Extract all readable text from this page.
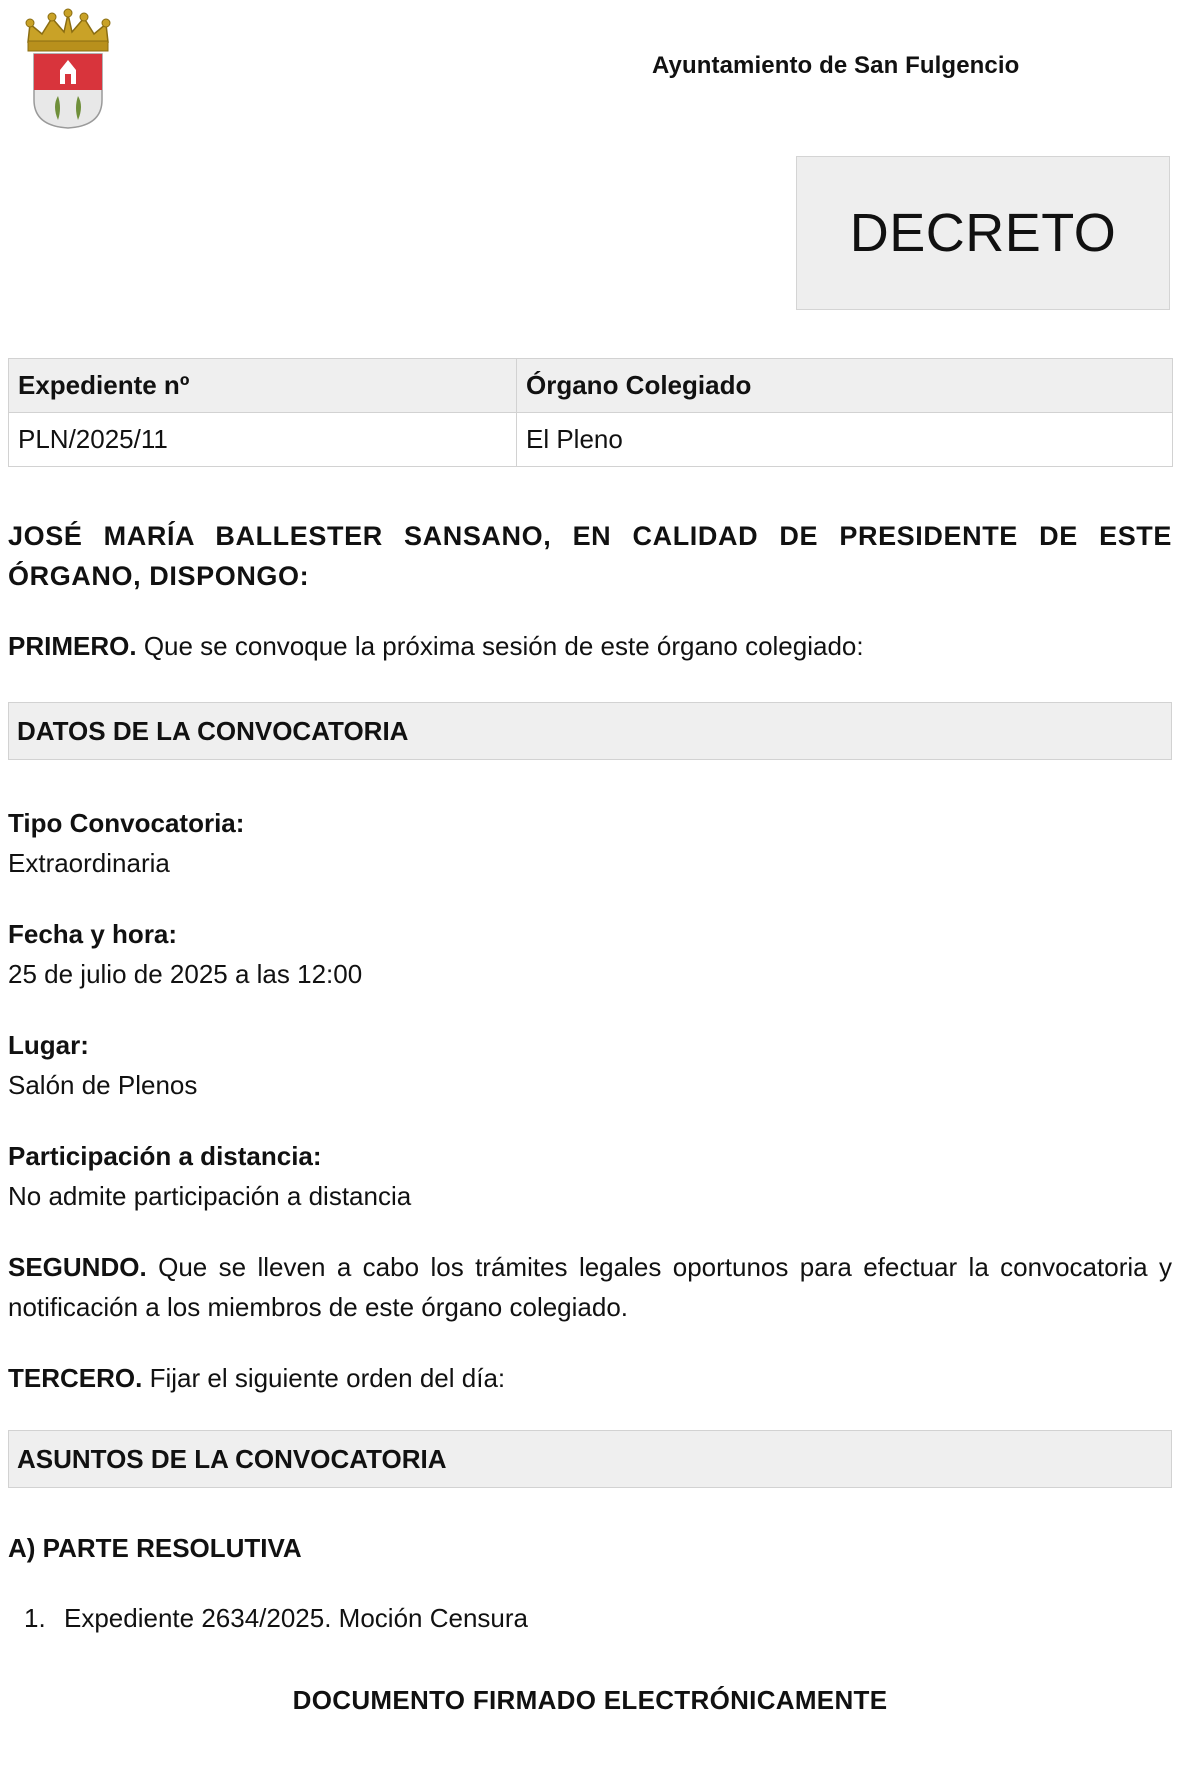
Ayuntamiento de San Fulgencio
DECRETO
Expediente nº	Órgano Colegiado
PLN/2025/11	El Pleno
JOSÉ MARÍA BALLESTER SANSANO, EN CALIDAD DE PRESIDENTE DE ESTE ÓRGANO, DISPONGO:
PRIMERO. Que se convoque la próxima sesión de este órgano colegiado:
DATOS DE LA CONVOCATORIA
Tipo Convocatoria:
Extraordinaria
Fecha y hora:
25 de julio de 2025 a las 12:00
Lugar:
Salón de Plenos
Participación a distancia:
No admite participación a distancia
SEGUNDO. Que se lleven a cabo los trámites legales oportunos para efectuar la convocatoria y notificación a los miembros de este órgano colegiado.
TERCERO. Fijar el siguiente orden del día:
ASUNTOS DE LA CONVOCATORIA
A) PARTE RESOLUTIVA
1. Expediente 2634/2025. Moción Censura
DOCUMENTO FIRMADO ELECTRÓNICAMENTE
